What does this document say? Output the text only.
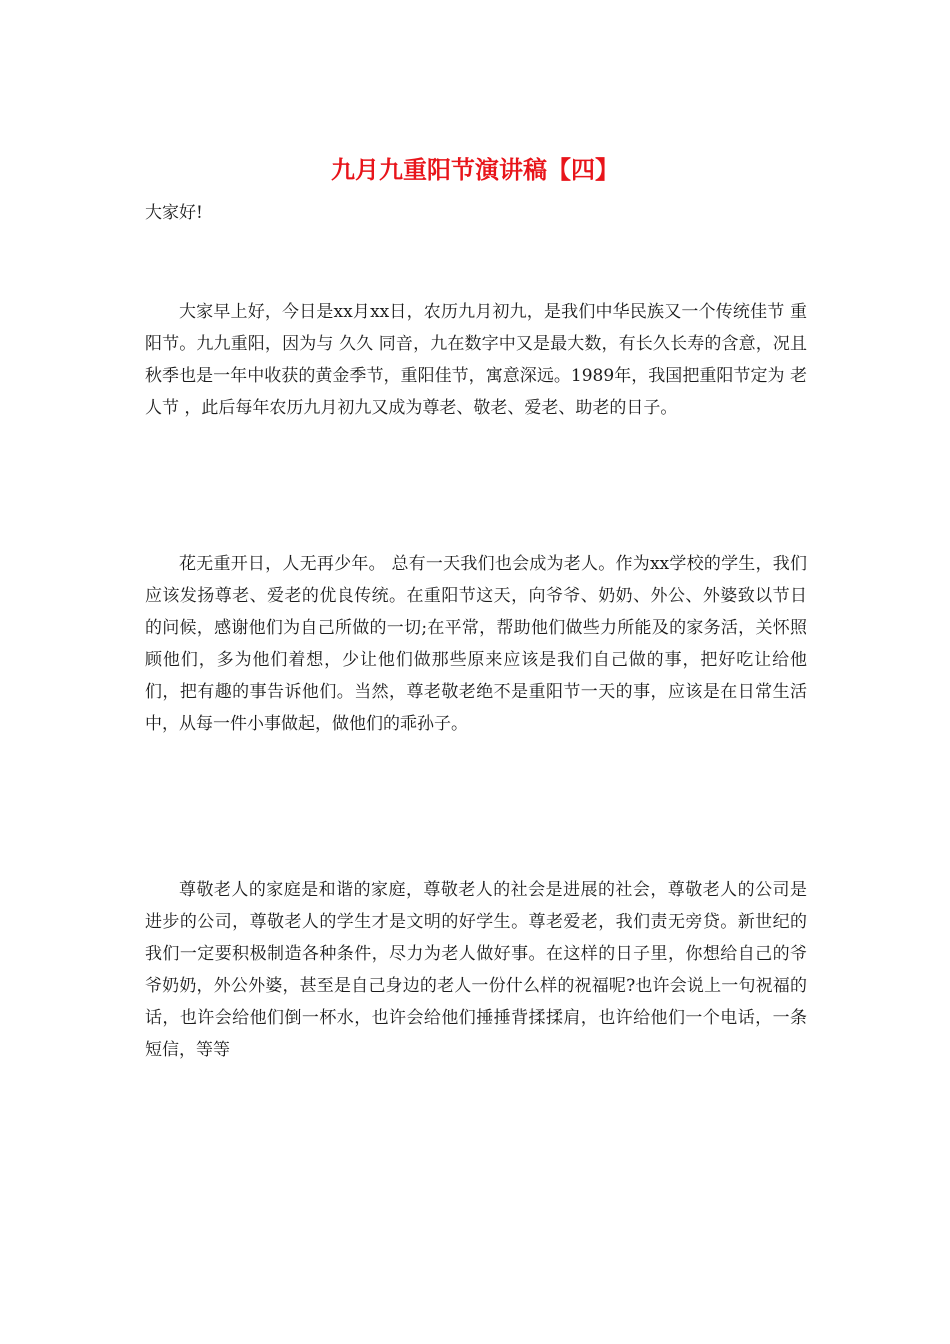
九月九重阳节演讲稿【四】

大家好!

大家早上好，今日是xx月xx日，农历九月初九，是我们中华民族又一个传统佳节 重阳节。九九重阳，因为与 久久 同音，九在数字中又是最大数，有长久长寿的含意，况且秋季也是一年中收获的黄金季节，重阳佳节，寓意深远。1989年，我国把重阳节定为 老人节 ，此后每年农历九月初九又成为尊老、敬老、爱老、助老的日子。

花无重开日，人无再少年。 总有一天我们也会成为老人。作为xx学校的学生，我们应该发扬尊老、爱老的优良传统。在重阳节这天，向爷爷、奶奶、外公、外婆致以节日的问候，感谢他们为自己所做的一切;在平常，帮助他们做些力所能及的家务活，关怀照顾他们，多为他们着想，少让他们做那些原来应该是我们自己做的事，把好吃让给他们，把有趣的事告诉他们。当然，尊老敬老绝不是重阳节一天的事，应该是在日常生活中，从每一件小事做起，做他们的乖孙子。

尊敬老人的家庭是和谐的家庭，尊敬老人的社会是进展的社会，尊敬老人的公司是进步的公司，尊敬老人的学生才是文明的好学生。尊老爱老，我们责无旁贷。新世纪的我们一定要积极制造各种条件，尽力为老人做好事。在这样的日子里，你想给自己的爷爷奶奶，外公外婆，甚至是自己身边的老人一份什么样的祝福呢?也许会说上一句祝福的话，也许会给他们倒一杯水，也许会给他们捶捶背揉揉肩，也许给他们一个电话，一条短信，等等
